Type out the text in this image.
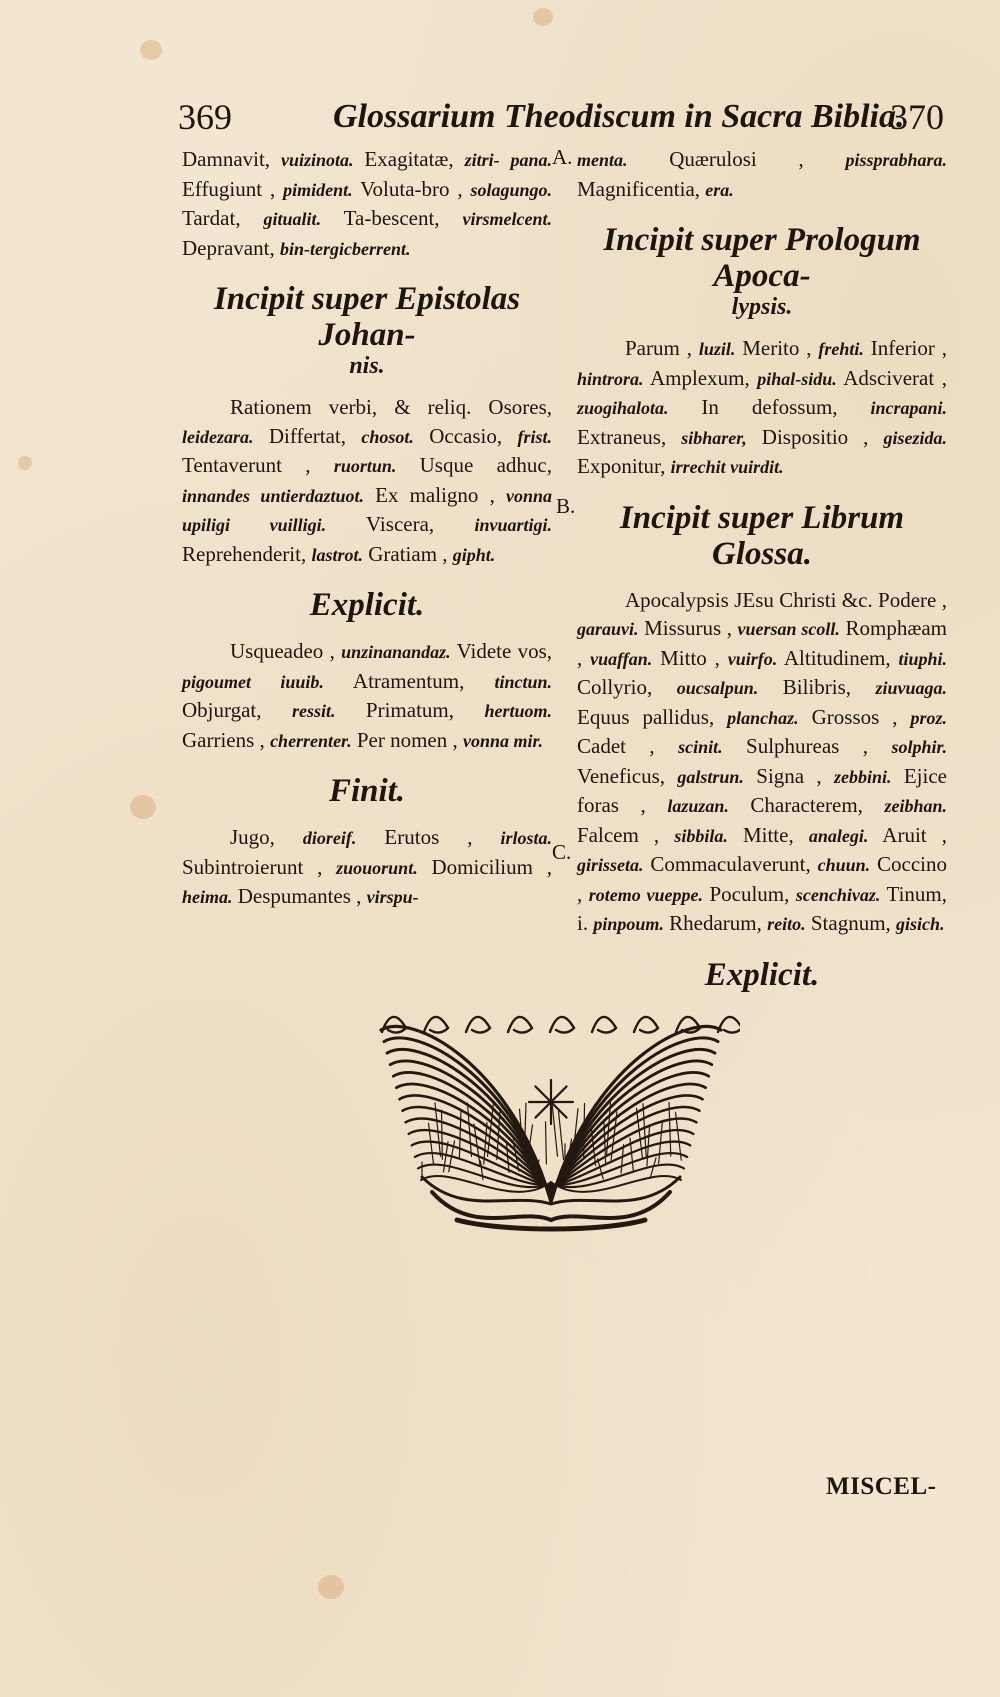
369	Glossarium Theodiscum in Sacra Biblia.
370

Damnavit, vuizinota. Exagitatæ, zitri- pana. Effugiunt , pimident. Voluta-bro , solagungo. Tardat, gitualit. Ta-bescent, virsmelcent. Depravant, bin-tergicberrent.

Incipit super Epistolas Johan-
nis.

Rationem verbi, & reliq. Osores, leidezara. Differtat, chosot. Occasio, frist. Tentaverunt , ruortun. Usque adhuc, innandes untierdaztuot. Ex maligno , vonna upiligi vuilligi. Viscera, invuartigi. Reprehenderit, lastrot. Gratiam , gipht.

Explicit.

Usqueadeo , unzinanandaz. Videte vos, pigoumet iuuib. Atramentum, tinctun. Objurgat, ressit. Primatum, hertuom. Garriens , cherrenter. Per nomen , vonna mir.

Finit.

Jugo, dioreif. Erutos , irlosta. Subintroierunt , zuouorunt. Domicilium , heima. Despumantes , virspu-

menta. Quærulosi , pissprabhara. Magnificentia, era.

Incipit super Prologum Apoca-
lypsis.

Parum , luzil. Merito , frehti. Inferior , hintrora. Amplexum, pihal-sidu. Adsciverat , zuogihalota. In defossum, incrapani. Extraneus, sibharer, Dispositio , gisezida. Exponitur, irrechit vuirdit.

Incipit super Librum Glossa.

Apocalypsis JEsu Christi &c. Podere , garauvi. Missurus , vuersan scoll. Romphæam , vuaffan. Mitto , vuirfo. Altitudinem, tiuphi. Collyrio, oucsalpun. Bilibris, ziuvuaga. Equus pallidus, planchaz. Grossos , proz. Cadet , scinit. Sulphureas , solphir. Veneficus, galstrun. Signa , zebbini. Ejice foras , lazuzan. Characterem, zeibhan. Falcem , sibbila. Mitte, analegi. Aruit , girisseta. Commaculaverunt, chuun. Coccino , rotemo vueppe. Poculum, scenchivaz. Tinum, i. pinpoum. Rhedarum, reito. Stagnum, gisich.

Explicit.
A.
B.
C.
MISCEL-
